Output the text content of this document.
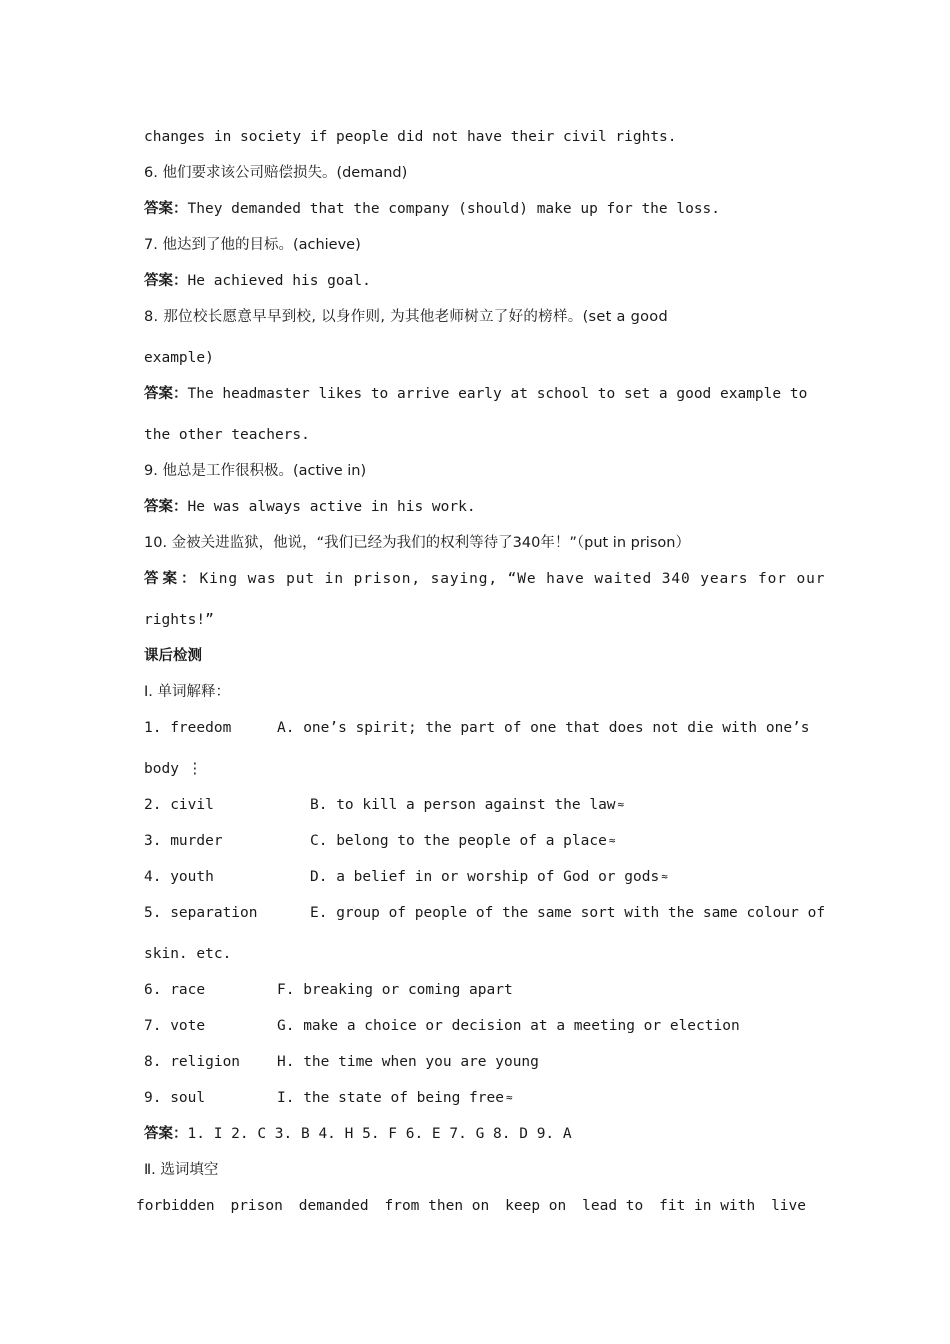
changes in society if people did not have their civil rights.
6. 他们要求该公司赔偿损失。(demand)
答案：They demanded that the company (should) make up for the loss.
7. 他达到了他的目标。(achieve)
答案：He achieved his goal.
8. 那位校长愿意早早到校, 以身作则, 为其他老师树立了好的榜样。(set a good
example)
答案：The headmaster likes to arrive early at school to set a good example to
the other teachers.
9. 他总是工作很积极。(active in)
答案：He was always active in his work.
10. 金被关进监狱，他说，“我们已经为我们的权利等待了340年！”（put in prison）
答案：King was put in prison, saying, “We have waited 340 years for our
rights!”
课后检测
Ⅰ. 单词解释：
1. freedom	A. one’s spirit; the part of one that does not die with one’s
body ⋮
2. civil	B. to kill a person against the law ≈
3. murder	C. belong to the people of a place ≈
4. youth	D. a belief in or worship of God or gods ≈
5. separation	E. group of people of the same sort with the same colour of
skin. etc.
6. race	F. breaking or coming apart
7. vote	G. make a choice or decision at a meeting or election
8. religion	H. the time when you are young
9. soul	I. the state of being free ≈
答案：1. I 2. C 3. B 4. H 5. F 6. E 7. G 8. D 9. A
Ⅱ. 选词填空
forbidden prison demanded from then on keep on lead to fit in with live
